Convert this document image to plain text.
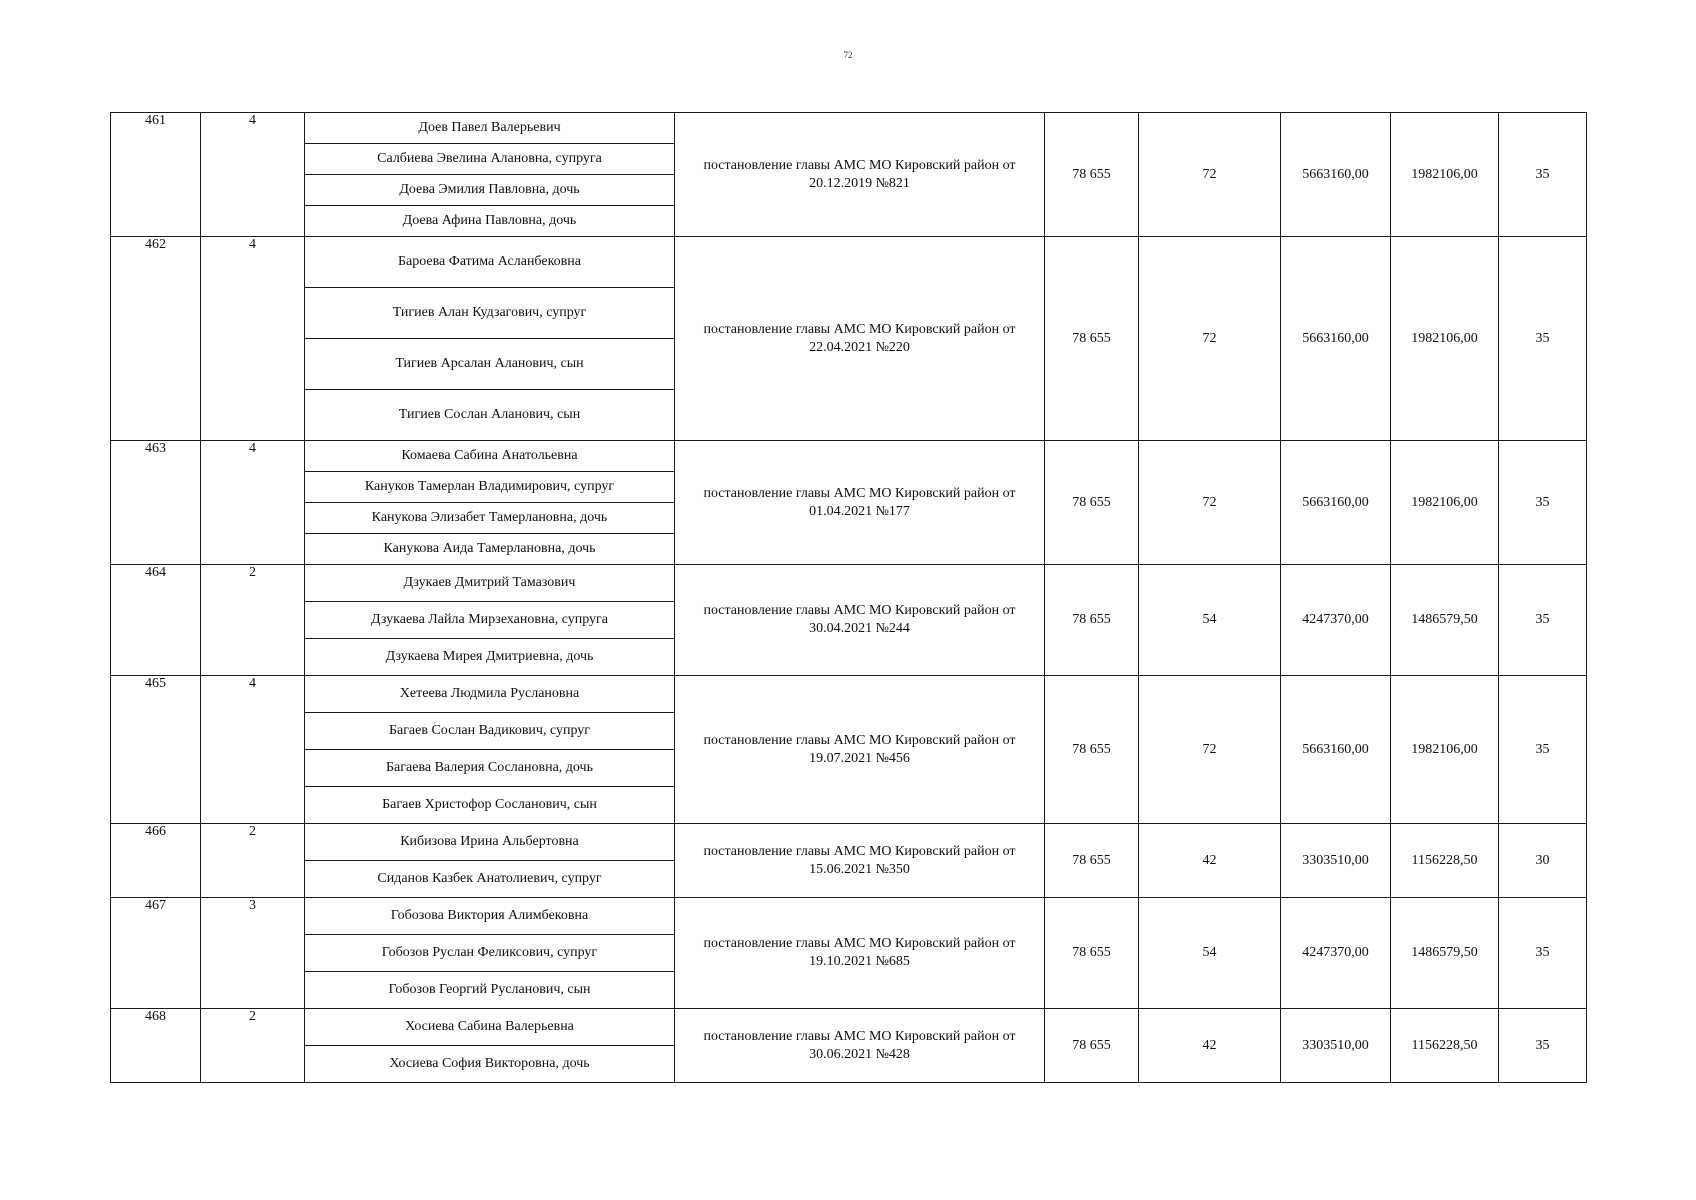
72
461	4	Доев Павел Валерьевич	постановление главы АМС МО Кировский район от 20.12.2019 №821	78 655	72	5663160,00	1982106,00	35
		Салбиева Эвелина Алановна, супруга						
		Доева Эмилия Павловна, дочь						
		Доева Афина Павловна, дочь						
462	4	Бароева Фатима Асланбековна	постановление главы АМС МО Кировский район от 22.04.2021 №220	78 655	72	5663160,00	1982106,00	35
		Тигиев Алан Кудзагович, супруг						
		Тигиев Арсалан Аланович, сын						
		Тигиев Сослан Аланович, сын						
463	4	Комаева Сабина Анатольевна	постановление главы АМС МО Кировский район от 01.04.2021 №177	78 655	72	5663160,00	1982106,00	35
		Кануков Тамерлан Владимирович, супруг						
		Канукова Элизабет Тамерлановна, дочь						
		Канукова Аида Тамерлановна, дочь						
464	2	Дзукаев Дмитрий Тамазович	постановление главы АМС МО Кировский район от 30.04.2021 №244	78 655	54	4247370,00	1486579,50	35
		Дзукаева Лайла Мирзехановна, супруга						
		Дзукаева Мирея Дмитриевна, дочь						
465	4	Хетеева Людмила Руслановна	постановление главы АМС МО Кировский район от 19.07.2021 №456	78 655	72	5663160,00	1982106,00	35
		Багаев Сослан Вадикович, супруг						
		Багаева Валерия Сослановна, дочь						
		Багаев Христофор Сосланович, сын						
466	2	Кибизова Ирина Альбертовна	постановление главы АМС МО Кировский район от 15.06.2021 №350	78 655	42	3303510,00	1156228,50	30
		Сиданов Казбек Анатолиевич, супруг						
467	3	Гобозова Виктория Алимбековна	постановление главы АМС МО Кировский район от 19.10.2021 №685	78 655	54	4247370,00	1486579,50	35
		Гобозов Руслан Феликсович, супруг						
		Гобозов Георгий Русланович, сын						
468	2	Хосиева Сабина Валерьевна	постановление главы АМС МО Кировский район от 30.06.2021 №428	78 655	42	3303510,00	1156228,50	35
		Хосиева София Викторовна, дочь						
